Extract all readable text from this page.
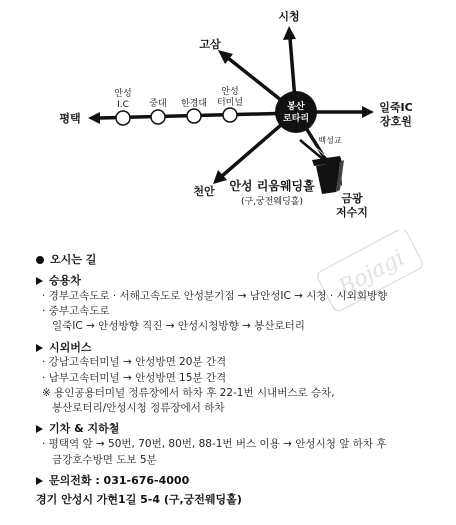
봉산
로타리
안성
I.C 중대 한경대
안성
터미널
시청
고삼
평택
일죽IC
장호원
천안
백성교
금광
저수지
안성 리움웨딩홀
(구,궁전웨딩홀)
Bojagi
오시는 길
승용차
· 경부고속도로 · 서해고속도로 안성분기점 → 남안성IC → 시청 · 시외회방향
· 중부고속도로
일죽IC → 안성방향 직진 → 안성시청방향 → 봉산로터리
시외버스
· 강남고속터미널 → 안성방면 20분 간격
· 남부고속터미널 → 안성방면 15분 간격
※ 용인공용터미널 정류장에서 하차 후 22-1번 시내버스로 승차,
봉산로터리/안성시청 정류장에서 하차
기차 & 지하철
· 평택역 앞 → 50번, 70번, 80번, 88-1번 버스 이용 → 안성시청 앞 하차 후
금강호수방면 도보 5분
문의전화 : 031-676-4000
경기 안성시 가현1길 5-4 (구,궁전웨딩홀)
